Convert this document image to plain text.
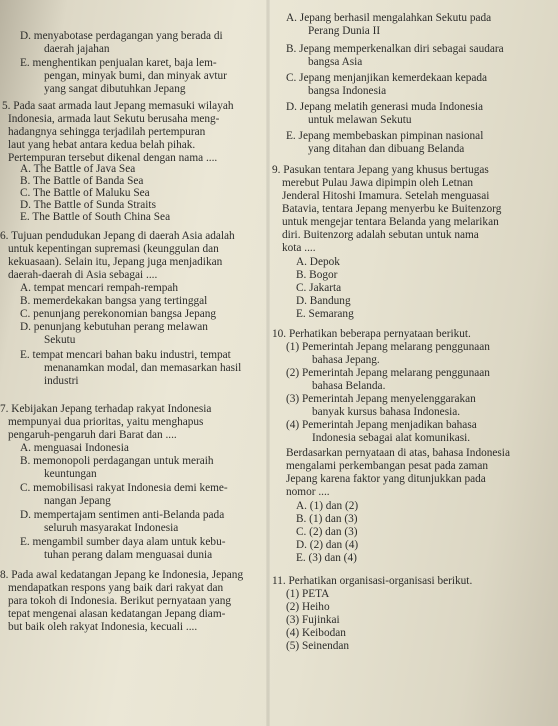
D. menyabotase perdagangan yang berada di
daerah jajahan
E. menghentikan penjualan karet, baja lem-
pengan, minyak bumi, dan minyak avtur
yang sangat dibutuhkan Jepang
5. Pada saat armada laut Jepang memasuki wilayah
Indonesia, armada laut Sekutu berusaha meng-
hadangnya sehingga terjadilah pertempuran
laut yang hebat antara kedua belah pihak.
Pertempuran tersebut dikenal dengan nama ....
A. The Battle of Java Sea
B. The Battle of Banda Sea
C. The Battle of Maluku Sea
D. The Battle of Sunda Straits
E. The Battle of South China Sea
6. Tujuan pendudukan Jepang di daerah Asia adalah
untuk kepentingan supremasi (keunggulan dan
kekuasaan). Selain itu, Jepang juga menjadikan
daerah-daerah di Asia sebagai ....
A. tempat mencari rempah-rempah
B. memerdekakan bangsa yang tertinggal
C. penunjang perekonomian bangsa Jepang
D. penunjang kebutuhan perang melawan
Sekutu
E. tempat mencari bahan baku industri, tempat
menanamkan modal, dan memasarkan hasil
industri
7. Kebijakan Jepang terhadap rakyat Indonesia
mempunyai dua prioritas, yaitu menghapus
pengaruh-pengaruh dari Barat dan ....
A. menguasai Indonesia
B. memonopoli perdagangan untuk meraih
keuntungan
C. memobilisasi rakyat Indonesia demi keme-
nangan Jepang
D. mempertajam sentimen anti-Belanda pada
seluruh masyarakat Indonesia
E. mengambil sumber daya alam untuk kebu-
tuhan perang dalam menguasai dunia
8. Pada awal kedatangan Jepang ke Indonesia, Jepang
mendapatkan respons yang baik dari rakyat dan
para tokoh di Indonesia. Berikut pernyataan yang
tepat mengenai alasan kedatangan Jepang diam-
but baik oleh rakyat Indonesia, kecuali ....
A. Jepang berhasil mengalahkan Sekutu pada
Perang Dunia II
B. Jepang memperkenalkan diri sebagai saudara
bangsa Asia
C. Jepang menjanjikan kemerdekaan kepada
bangsa Indonesia
D. Jepang melatih generasi muda Indonesia
untuk melawan Sekutu
E. Jepang membebaskan pimpinan nasional
yang ditahan dan dibuang Belanda
9. Pasukan tentara Jepang yang khusus bertugas
merebut Pulau Jawa dipimpin oleh Letnan
Jenderal Hitoshi Imamura. Setelah menguasai
Batavia, tentara Jepang menyerbu ke Buitenzorg
untuk mengejar tentara Belanda yang melarikan
diri. Buitenzorg adalah sebutan untuk nama
kota ....
A. Depok
B. Bogor
C. Jakarta
D. Bandung
E. Semarang
10. Perhatikan beberapa pernyataan berikut.
(1) Pemerintah Jepang melarang penggunaan
bahasa Jepang.
(2) Pemerintah Jepang melarang penggunaan
bahasa Belanda.
(3) Pemerintah Jepang menyelenggarakan
banyak kursus bahasa Indonesia.
(4) Pemerintah Jepang menjadikan bahasa
Indonesia sebagai alat komunikasi.
Berdasarkan pernyataan di atas, bahasa Indonesia
mengalami perkembangan pesat pada zaman
Jepang karena faktor yang ditunjukkan pada
nomor ....
A. (1) dan (2)
B. (1) dan (3)
C. (2) dan (3)
D. (2) dan (4)
E. (3) dan (4)
11. Perhatikan organisasi-organisasi berikut.
(1) PETA
(2) Heiho
(3) Fujinkai
(4) Keibodan
(5) Seinendan
